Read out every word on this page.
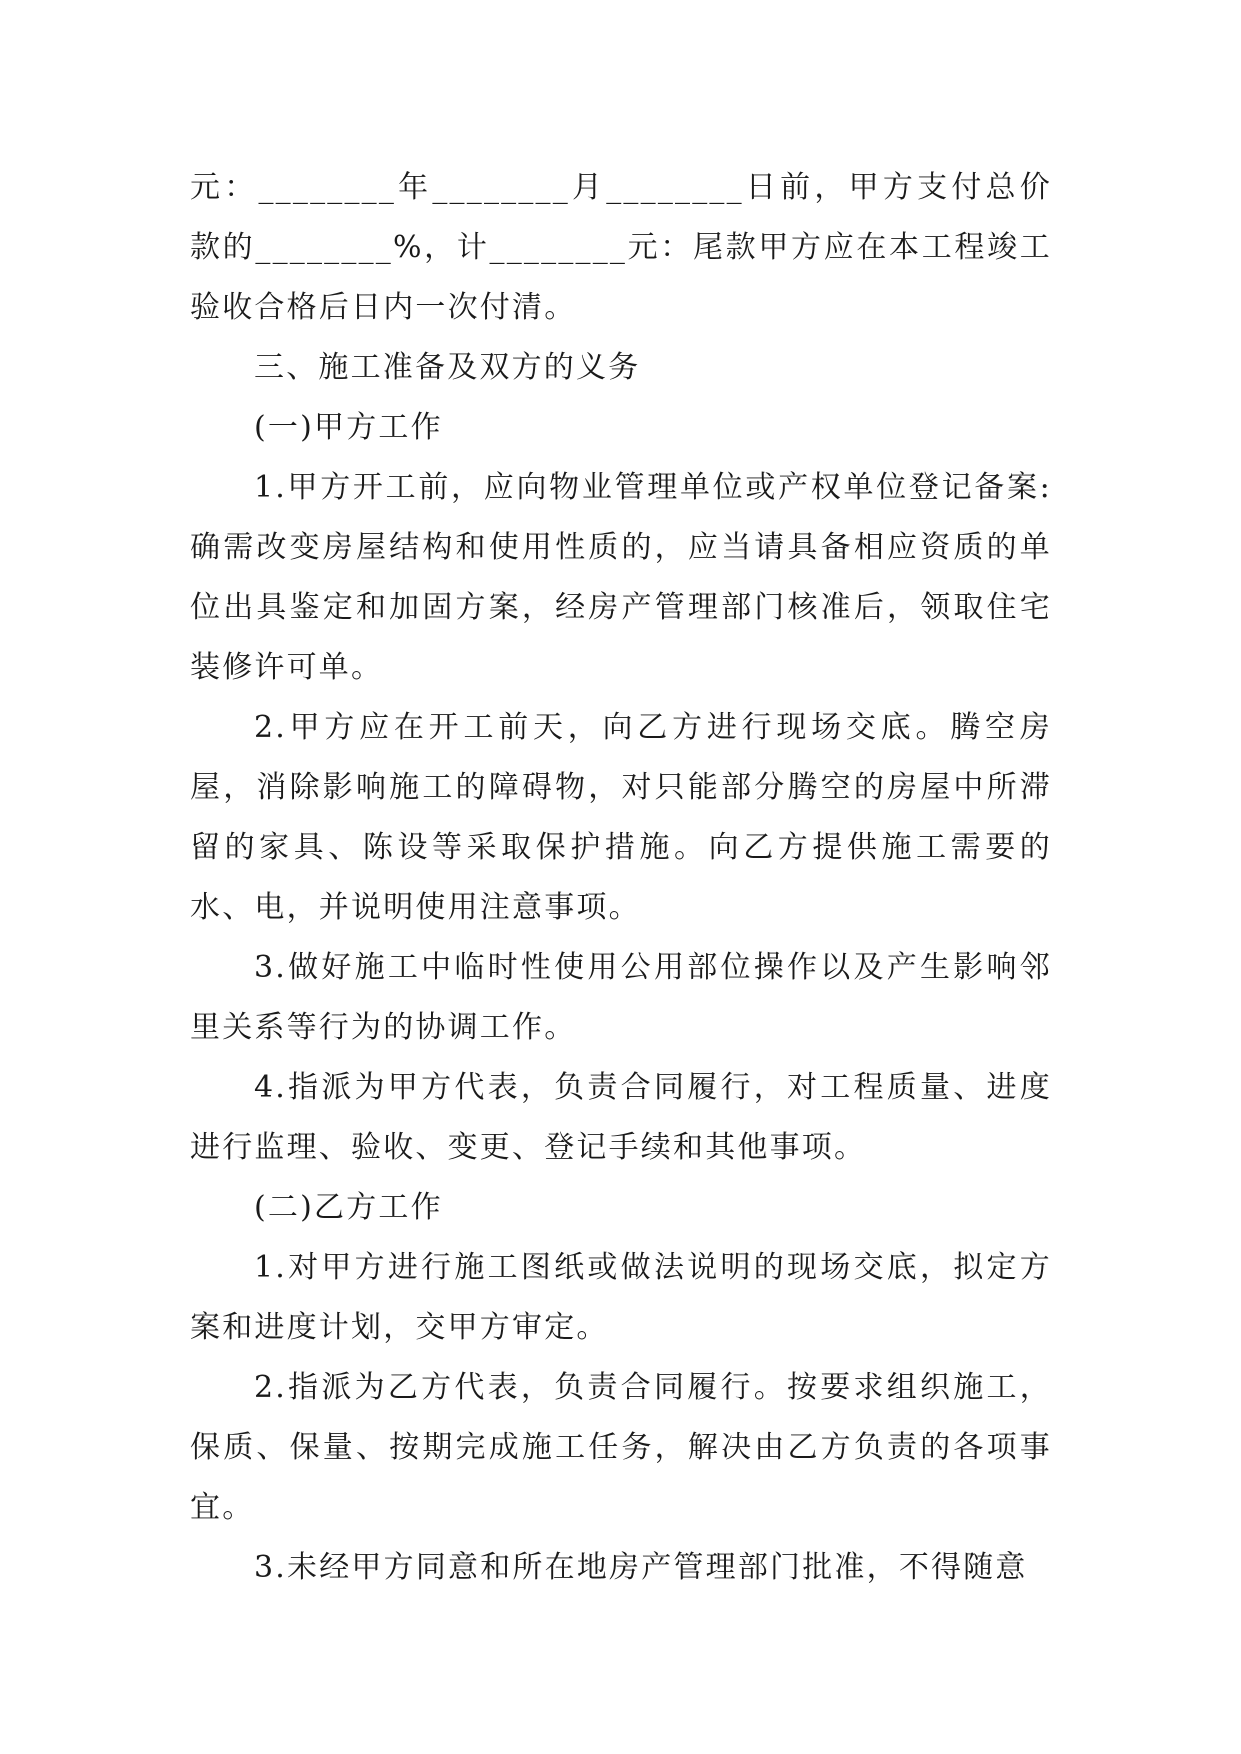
元：________年________月________日前，甲方支付总价款的________%，计________元：尾款甲方应在本工程竣工验收合格后日内一次付清。

三、施工准备及双方的义务

(一)甲方工作

1.甲方开工前，应向物业管理单位或产权单位登记备案:确需改变房屋结构和使用性质的，应当请具备相应资质的单位出具鉴定和加固方案，经房产管理部门核准后，领取住宅装修许可单。

2.甲方应在开工前天，向乙方进行现场交底。腾空房屋，消除影响施工的障碍物，对只能部分腾空的房屋中所滞留的家具、陈设等采取保护措施。向乙方提供施工需要的水、电，并说明使用注意事项。

3.做好施工中临时性使用公用部位操作以及产生影响邻里关系等行为的协调工作。

4.指派为甲方代表，负责合同履行，对工程质量、进度进行监理、验收、变更、登记手续和其他事项。

(二)乙方工作

1.对甲方进行施工图纸或做法说明的现场交底，拟定方案和进度计划，交甲方审定。

2.指派为乙方代表，负责合同履行。按要求组织施工，保质、保量、按期完成施工任务，解决由乙方负责的各项事宜。

3.未经甲方同意和所在地房产管理部门批准，不得随意
